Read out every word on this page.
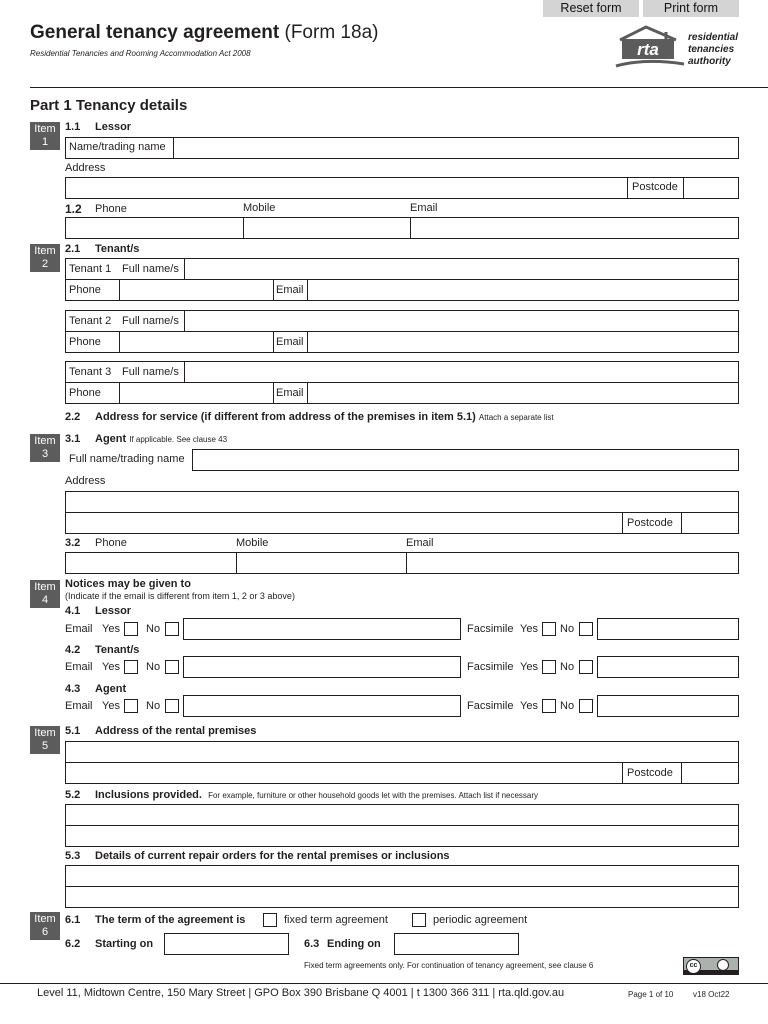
Reset form	Print form
General tenancy agreement (Form 18a)
Residential Tenancies and Rooming Accommodation Act 2008	rta
residential
tenancies
authority
Part 1 Tenancy details
Item
1
1.1 Lessor
Name/trading name
Address
Postcode
1.2 Phone	Mobile	Email
Item
2
2.1 Tenant/s
Tenant 1 Full name/s
Phone	Email
Tenant 2 Full name/s
Phone	Email
Tenant 3 Full name/s
Phone	Email
2.2 Address for service (if different from address of the premises in item 5.1) Attach a separate list
Item
3
3.1 Agent If applicable. See clause 43
Full name/trading name
Address
Postcode
3.2 Phone	Mobile	Email
Item
4
Notices may be given to
(Indicate if the email is different from item 1, 2 or 3 above)
4.1 Lessor
Email Yes No	Facsimile Yes No
4.2 Tenant/s
Email Yes No	Facsimile Yes No
4.3 Agent
Email Yes No	Facsimile Yes No
Item
5
5.1 Address of the rental premises
Postcode
5.2 Inclusions provided. For example, furniture or other household goods let with the premises. Attach list if necessary
5.3 Details of current repair orders for the rental premises or inclusions
Item
6
6.1 The term of the agreement is	fixed term agreement	periodic agreement
6.2 Starting on	6.3 Ending on
Fixed term agreements only. For continuation of tenancy agreement, see clause 6	cc
Level 11, Midtown Centre, 150 Mary Street | GPO Box 390 Brisbane Q 4001 | t 1300 366 311 | rta.qld.gov.au	Page 1 of 10 v18 Oct22
